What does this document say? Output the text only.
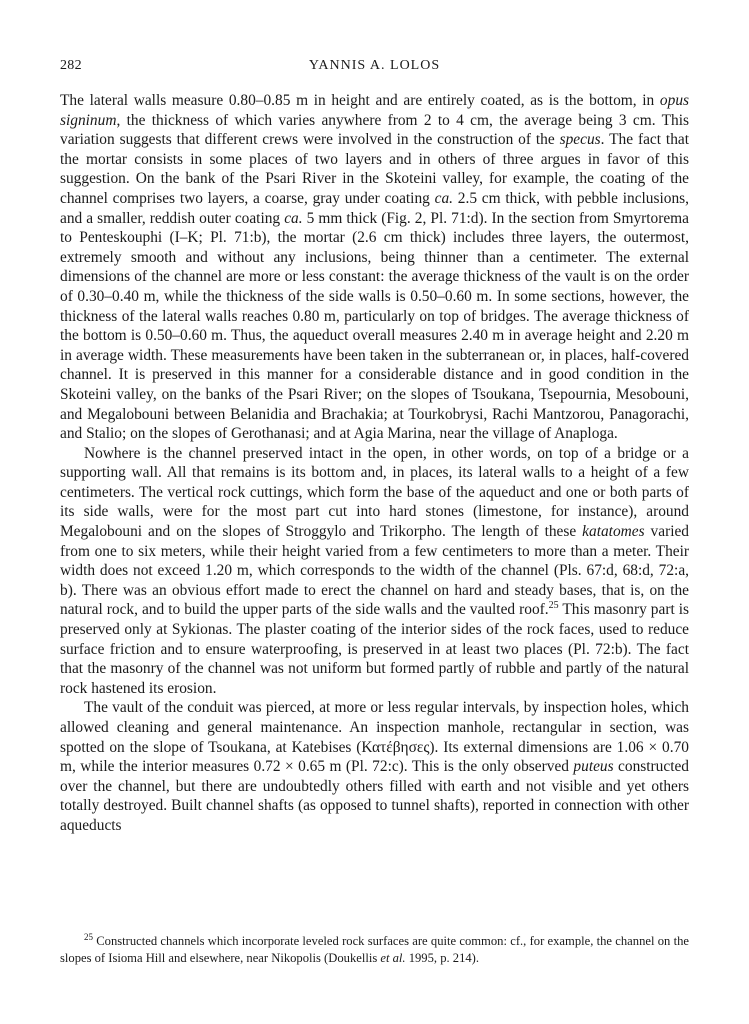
282	YANNIS A. LOLOS

The lateral walls measure 0.80–0.85 m in height and are entirely coated, as is the bottom, in opus signinum, the thickness of which varies anywhere from 2 to 4 cm, the average being 3 cm. This variation suggests that different crews were involved in the construction of the specus. The fact that the mortar consists in some places of two layers and in others of three argues in favor of this suggestion. On the bank of the Psari River in the Skoteini valley, for example, the coating of the channel comprises two layers, a coarse, gray under coating ca. 2.5 cm thick, with pebble inclusions, and a smaller, reddish outer coating ca. 5 mm thick (Fig. 2, Pl. 71:d). In the section from Smyrtorema to Penteskouphi (I–K; Pl. 71:b), the mortar (2.6 cm thick) includes three layers, the outermost, extremely smooth and without any inclusions, being thinner than a centimeter. The external dimensions of the channel are more or less constant: the average thickness of the vault is on the order of 0.30–0.40 m, while the thickness of the side walls is 0.50–0.60 m. In some sections, however, the thickness of the lateral walls reaches 0.80 m, particularly on top of bridges. The average thickness of the bottom is 0.50–0.60 m. Thus, the aqueduct overall measures 2.40 m in average height and 2.20 m in average width. These measurements have been taken in the subterranean or, in places, half-covered channel. It is preserved in this manner for a considerable distance and in good condition in the Skoteini valley, on the banks of the Psari River; on the slopes of Tsoukana, Tsepournia, Mesobouni, and Megalobouni between Belanidia and Brachakia; at Tourkobrysi, Rachi Mantzorou, Panagorachi, and Stalio; on the slopes of Gerothanasi; and at Agia Marina, near the village of Anaploga.

Nowhere is the channel preserved intact in the open, in other words, on top of a bridge or a supporting wall. All that remains is its bottom and, in places, its lateral walls to a height of a few centimeters. The vertical rock cuttings, which form the base of the aqueduct and one or both parts of its side walls, were for the most part cut into hard stones (limestone, for instance), around Megalobouni and on the slopes of Stroggylo and Trikorpho. The length of these katatomes varied from one to six meters, while their height varied from a few centimeters to more than a meter. Their width does not exceed 1.20 m, which corresponds to the width of the channel (Pls. 67:d, 68:d, 72:a, b). There was an obvious effort made to erect the channel on hard and steady bases, that is, on the natural rock, and to build the upper parts of the side walls and the vaulted roof.$^{25}$ This masonry part is preserved only at Sykionas. The plaster coating of the interior sides of the rock faces, used to reduce surface friction and to ensure waterproofing, is preserved in at least two places (Pl. 72:b). The fact that the masonry of the channel was not uniform but formed partly of rubble and partly of the natural rock hastened its erosion.

The vault of the conduit was pierced, at more or less regular intervals, by inspection holes, which allowed cleaning and general maintenance. An inspection manhole, rectangular in section, was spotted on the slope of Tsoukana, at Katebises (Κατέβησες). Its external dimensions are 1.06 × 0.70 m, while the interior measures 0.72 × 0.65 m (Pl. 72:c). This is the only observed puteus constructed over the channel, but there are undoubtedly others filled with earth and not visible and yet others totally destroyed. Built channel shafts (as opposed to tunnel shafts), reported in connection with other aqueducts

$^{25}$ Constructed channels which incorporate leveled rock surfaces are quite common: cf., for example, the channel on the slopes of Isioma Hill and elsewhere, near Nikopolis (Doukellis et al. 1995, p. 214).
